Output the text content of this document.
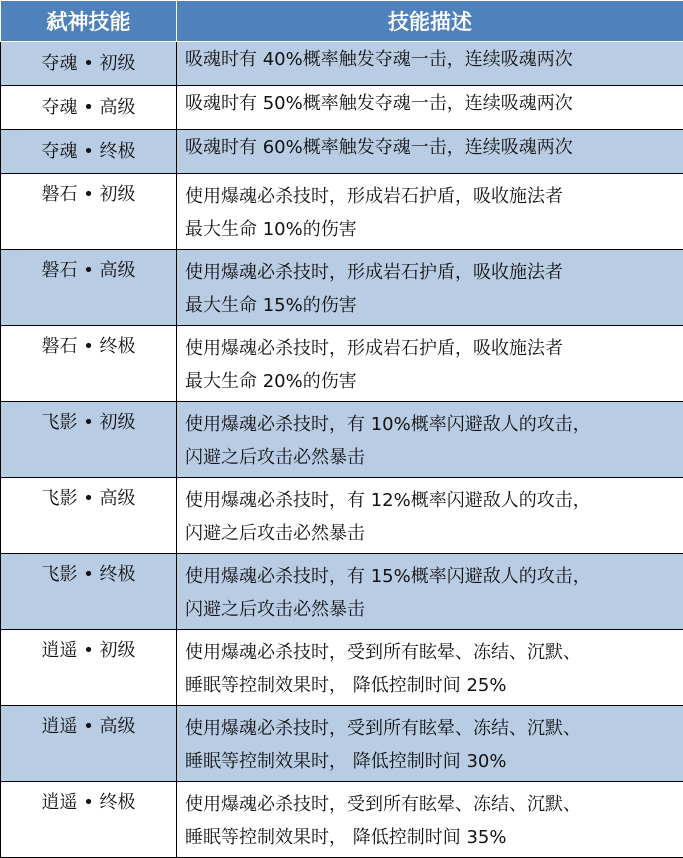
弑神技能	技能描述
夺魂 • 初级	吸魂时有 40%概率触发夺魂一击，连续吸魂两次

夺魂 • 高级	吸魂时有 50%概率触发夺魂一击，连续吸魂两次

夺魂 • 终极	吸魂时有 60%概率触发夺魂一击，连续吸魂两次

磐石 • 初级	使用爆魂必杀技时，形成岩石护盾，吸收施法者
最大生命 10%的伤害

磐石 • 高级	使用爆魂必杀技时，形成岩石护盾，吸收施法者
最大生命 15%的伤害

磐石 • 终极	使用爆魂必杀技时，形成岩石护盾，吸收施法者
最大生命 20%的伤害

飞影 • 初级	使用爆魂必杀技时，有 10%概率闪避敌人的攻击，
闪避之后攻击必然暴击

飞影 • 高级	使用爆魂必杀技时，有 12%概率闪避敌人的攻击，
闪避之后攻击必然暴击

飞影 • 终极	使用爆魂必杀技时，有 15%概率闪避敌人的攻击，
闪避之后攻击必然暴击

逍遥 • 初级	使用爆魂必杀技时，受到所有眩晕、冻结、沉默、
睡眠等控制效果时， 降低控制时间 25%

逍遥 • 高级	使用爆魂必杀技时，受到所有眩晕、冻结、沉默、
睡眠等控制效果时， 降低控制时间 30%

逍遥 • 终极	使用爆魂必杀技时，受到所有眩晕、冻结、沉默、
睡眠等控制效果时， 降低控制时间 35%
